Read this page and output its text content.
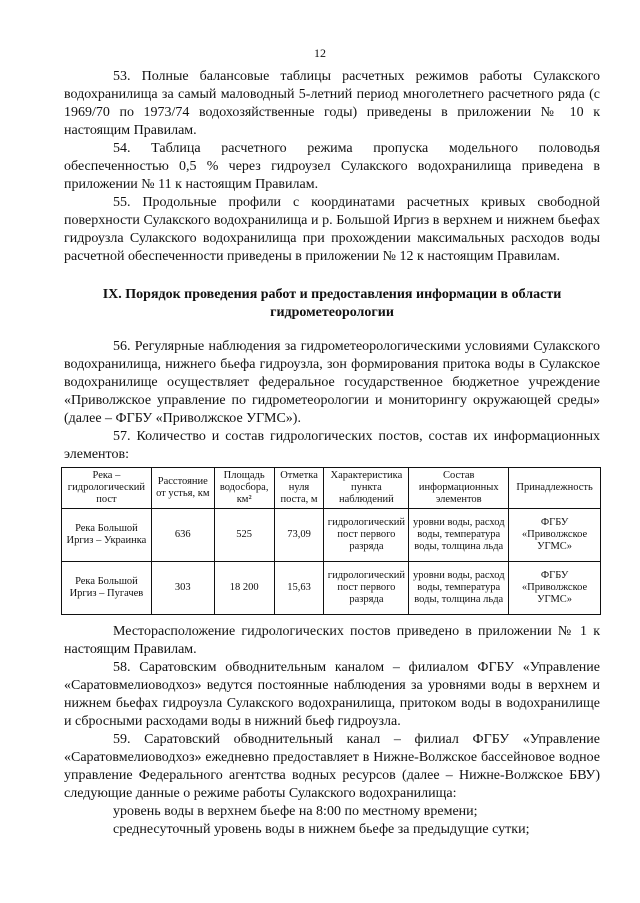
12

53. Полные балансовые таблицы расчетных режимов работы Сулакского водохранилища за самый маловодный 5-летний период многолетнего расчетного ряда (с 1969/70 по 1973/74 водохозяйственные годы) приведены в приложении № 10 к настоящим Правилам.

54. Таблица расчетного режима пропуска модельного половодья обеспеченностью 0,5 % через гидроузел Сулакского водохранилища приведена в приложении № 11 к настоящим Правилам.

55. Продольные профили с координатами расчетных кривых свободной поверхности Сулакского водохранилища и р. Большой Иргиз в верхнем и нижнем бьефах гидроузла Сулакского водохранилища при прохождении максимальных расходов воды расчетной обеспеченности приведены в приложении № 12 к настоящим Правилам.

IX. Порядок проведения работ и предоставления информации в области гидрометеорологии

56. Регулярные наблюдения за гидрометеорологическими условиями Сулакского водохранилища, нижнего бьефа гидроузла, зон формирования притока воды в Сулакское водохранилище осуществляет федеральное государственное бюджетное учреждение «Приволжское управление по гидрометеорологии и мониторингу окружающей среды» (далее – ФГБУ «Приволжское УГМС»).

57. Количество и состав гидрологических постов, состав их информационных элементов:

Река – гидрологический пост	Расстояние от устья, км	Площадь водосбора, км²	Отметка нуля поста, м	Характеристика пункта наблюдений	Состав информационных элементов	Принадлежность
Река Большой Иргиз – Украинка	636	525	73,09	гидрологический пост первого разряда	уровни воды, расход воды, температура воды, толщина льда	ФГБУ «Приволжское УГМС»
Река Большой Иргиз – Пугачев	303	18 200	15,63	гидрологический пост первого разряда	уровни воды, расход воды, температура воды, толщина льда	ФГБУ «Приволжское УГМС»

Месторасположение гидрологических постов приведено в приложении № 1 к настоящим Правилам.

58. Саратовским обводнительным каналом – филиалом ФГБУ «Управление «Саратовмелиоводхоз» ведутся постоянные наблюдения за уровнями воды в верхнем и нижнем бьефах гидроузла Сулакского водохранилища, притоком воды в водохранилище и сбросными расходами воды в нижний бьеф гидроузла.

59. Саратовский обводнительный канал – филиал ФГБУ «Управление «Саратовмелиоводхоз» ежедневно предоставляет в Нижне-Волжское бассейновое водное управление Федерального агентства водных ресурсов (далее – Нижне-Волжское БВУ) следующие данные о режиме работы Сулакского водохранилища:

уровень воды в верхнем бьефе на 8:00 по местному времени;

среднесуточный уровень воды в нижнем бьефе за предыдущие сутки;
